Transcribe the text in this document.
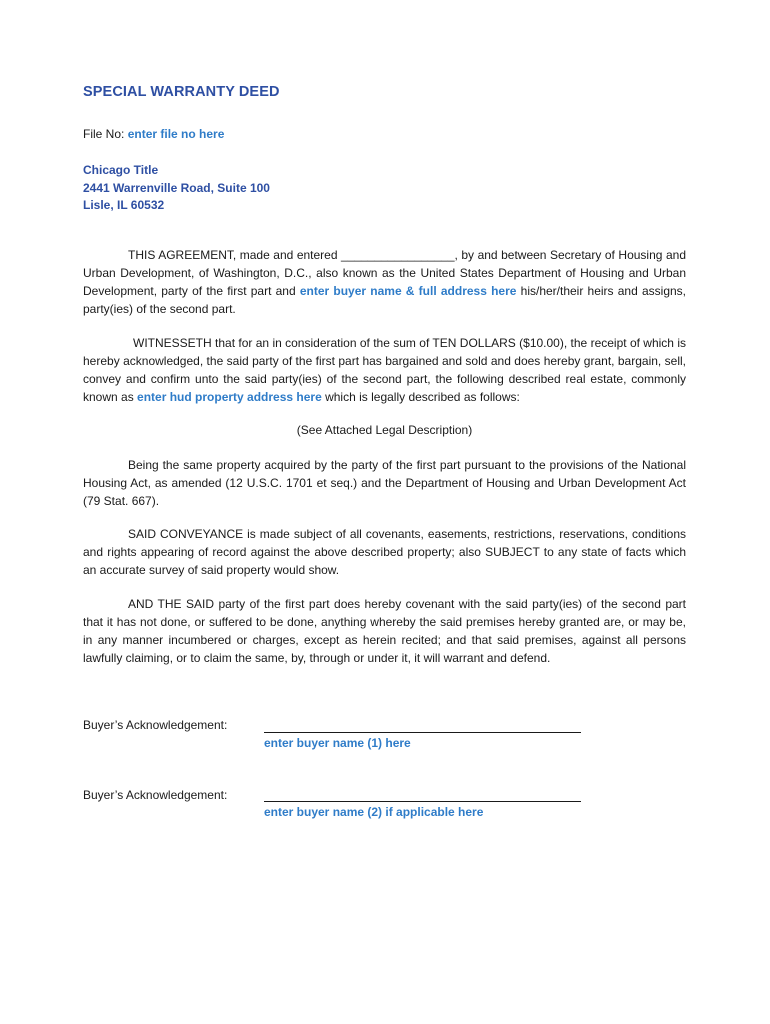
SPECIAL WARRANTY DEED
File No: enter file no here
Chicago Title
2441 Warrenville Road, Suite 100
Lisle, IL 60532
THIS AGREEMENT, made and entered _________________, by and between Secretary of Housing and Urban Development, of Washington, D.C., also known as the United States Department of Housing and Urban Development, party of the first part and enter buyer name & full address here his/her/their heirs and assigns, party(ies) of the second part.
WITNESSETH that for an in consideration of the sum of TEN DOLLARS ($10.00), the receipt of which is hereby acknowledged, the said party of the first part has bargained and sold and does hereby grant, bargain, sell, convey and confirm unto the said party(ies) of the second part, the following described real estate, commonly known as enter hud property address here which is legally described as follows:
(See Attached Legal Description)
Being the same property acquired by the party of the first part pursuant to the provisions of the National Housing Act, as amended (12 U.S.C. 1701 et seq.) and the Department of Housing and Urban Development Act (79 Stat. 667).
SAID CONVEYANCE is made subject of all covenants, easements, restrictions, reservations, conditions and rights appearing of record against the above described property; also SUBJECT to any state of facts which an accurate survey of said property would show.
AND THE SAID party of the first part does hereby covenant with the said party(ies) of the second part that it has not done, or suffered to be done, anything whereby the said premises hereby granted are, or may be, in any manner incumbered or charges, except as herein recited; and that said premises, against all persons lawfully claiming, or to claim the same, by, through or under it, it will warrant and defend.
Buyer’s Acknowledgement:
enter buyer name (1) here
Buyer’s Acknowledgement:
enter buyer name (2) if applicable here
